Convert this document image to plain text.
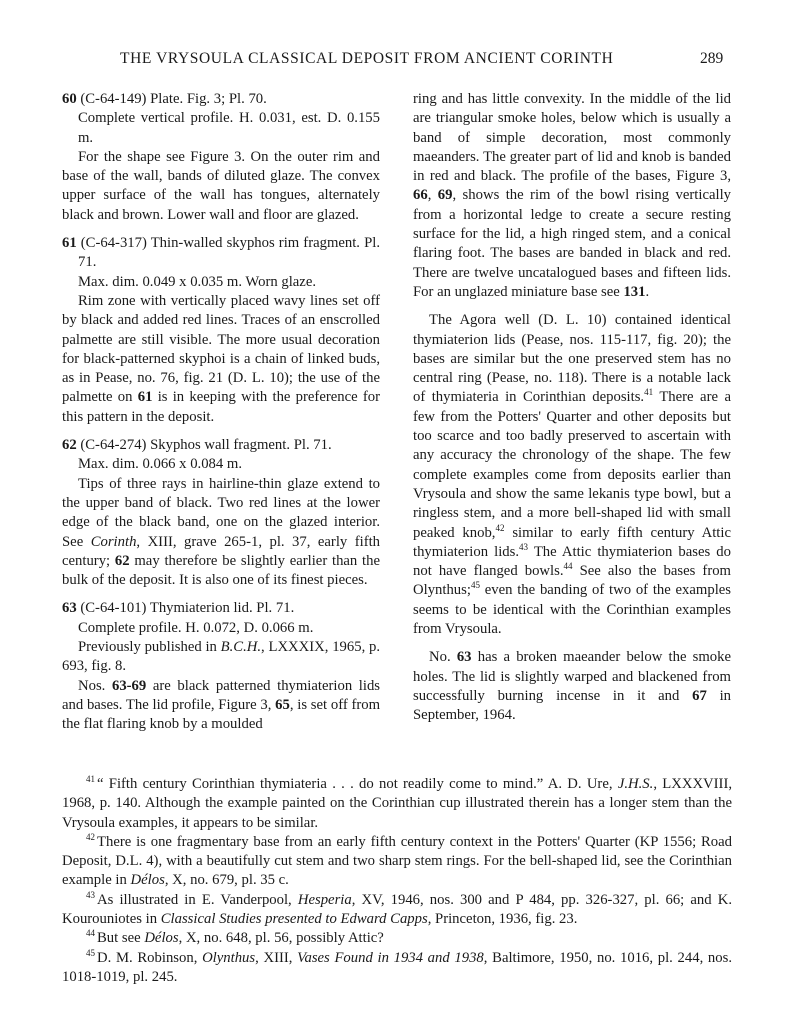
THE VRYSOULA CLASSICAL DEPOSIT FROM ANCIENT CORINTH	289

60 (C-64-149) Plate. Fig. 3; Pl. 70.

Complete vertical profile. H. 0.031, est. D. 0.155 m.

For the shape see Figure 3. On the outer rim and base of the wall, bands of diluted glaze. The convex upper surface of the wall has tongues, alternately black and brown. Lower wall and floor are glazed.

61 (C-64-317) Thin-walled skyphos rim fragment. Pl. 71.

Max. dim. 0.049 x 0.035 m. Worn glaze.

Rim zone with vertically placed wavy lines set off by black and added red lines. Traces of an enscrolled palmette are still visible. The more usual decoration for black-patterned skyphoi is a chain of linked buds, as in Pease, no. 76, fig. 21 (D. L. 10); the use of the palmette on 61 is in keeping with the preference for this pattern in the deposit.

62 (C-64-274) Skyphos wall fragment. Pl. 71.

Max. dim. 0.066 x 0.084 m.

Tips of three rays in hairline-thin glaze extend to the upper band of black. Two red lines at the lower edge of the black band, one on the glazed interior. See Corinth, XIII, grave 265-1, pl. 37, early fifth century; 62 may therefore be slightly earlier than the bulk of the deposit. It is also one of its finest pieces.

63 (C-64-101) Thymiaterion lid. Pl. 71.

Complete profile. H. 0.072, D. 0.066 m.

Previously published in B.C.H., LXXXIX, 1965, p. 693, fig. 8.

Nos. 63-69 are black patterned thymiaterion lids and bases. The lid profile, Figure 3, 65, is set off from the flat flaring knob by a moulded

ring and has little convexity. In the middle of the lid are triangular smoke holes, below which is usually a band of simple decoration, most commonly maeanders. The greater part of lid and knob is banded in red and black. The profile of the bases, Figure 3, 66, 69, shows the rim of the bowl rising vertically from a horizontal ledge to create a secure resting surface for the lid, a high ringed stem, and a conical flaring foot. The bases are banded in black and red. There are twelve uncatalogued bases and fifteen lids. For an unglazed miniature base see 131.

The Agora well (D. L. 10) contained identical thymiaterion lids (Pease, nos. 115-117, fig. 20); the bases are similar but the one preserved stem has no central ring (Pease, no. 118). There is a notable lack of thymiateria in Corinthian deposits.$^{41}$ There are a few from the Potters' Quarter and other deposits but too scarce and too badly preserved to ascertain with any accuracy the chronology of the shape. The few complete examples come from deposits earlier than Vrysoula and show the same lekanis type bowl, but a ringless stem, and a more bell-shaped lid with small peaked knob,$^{42}$ similar to early fifth century Attic thymiaterion lids.$^{43}$ The Attic thymiaterion bases do not have flanged bowls.$^{44}$ See also the bases from Olynthus;$^{45}$ even the banding of two of the examples seems to be identical with the Corinthian examples from Vrysoula.

No. 63 has a broken maeander below the smoke holes. The lid is slightly warped and blackened from successfully burning incense in it and 67 in September, 1964.

$^{41}$ “ Fifth century Corinthian thymiateria . . . do not readily come to mind.” A. D. Ure, J.H.S., LXXXVIII, 1968, p. 140. Although the example painted on the Corinthian cup illustrated therein has a longer stem than the Vrysoula examples, it appears to be similar.

$^{42}$ There is one fragmentary base from an early fifth century context in the Potters' Quarter (KP 1556; Road Deposit, D.L. 4), with a beautifully cut stem and two sharp stem rings. For the bell-shaped lid, see the Corinthian example in Délos, X, no. 679, pl. 35 c.

$^{43}$ As illustrated in E. Vanderpool, Hesperia, XV, 1946, nos. 300 and P 484, pp. 326-327, pl. 66; and K. Kourouniotes in Classical Studies presented to Edward Capps, Princeton, 1936, fig. 23.

$^{44}$ But see Délos, X, no. 648, pl. 56, possibly Attic?

$^{45}$ D. M. Robinson, Olynthus, XIII, Vases Found in 1934 and 1938, Baltimore, 1950, no. 1016, pl. 244, nos. 1018-1019, pl. 245.
